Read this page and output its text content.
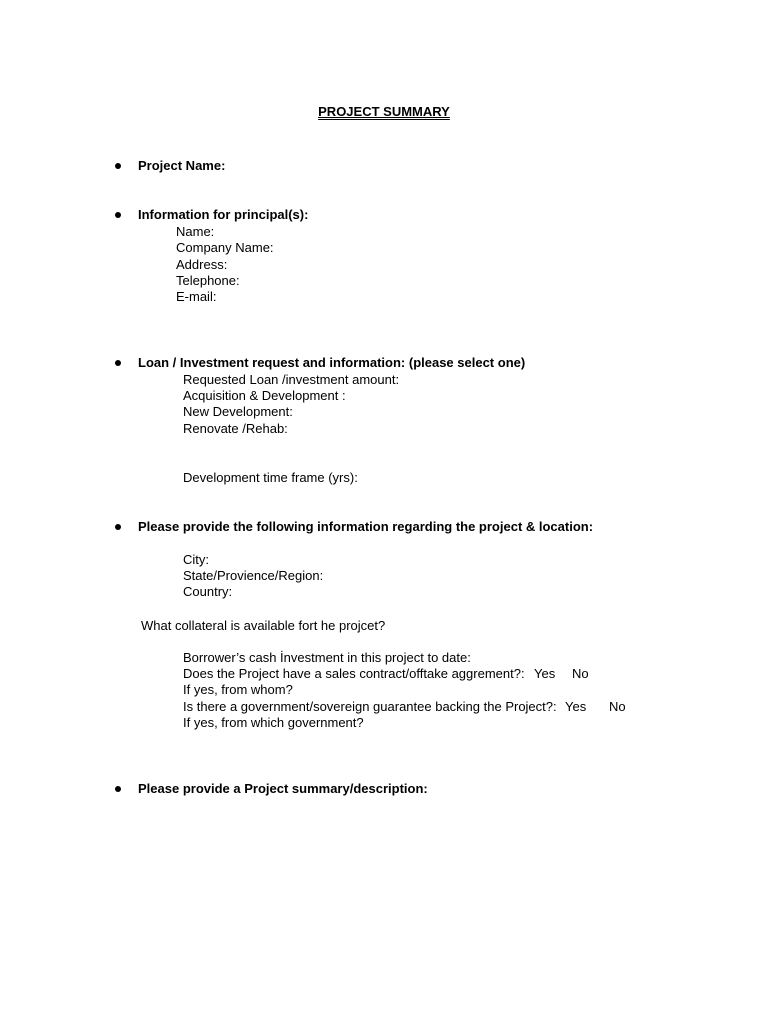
PROJECT SUMMARY
Project Name:
Information for principal(s):
Name:
Company Name:
Address:
Telephone:
E-mail:
Loan / Investment request and information: (please select one)
Requested Loan /investment amount:
Acquisition & Development :
New Development:
Renovate /Rehab:
Development time frame (yrs):
Please provide the following information regarding the project & location:
City:
State/Provience/Region:
Country:
What collateral is available fort he projcet?
Borrower’s cash İnvestment in this project to date:
Does the Project have a sales contract/offtake aggrement?: Yes No
If yes, from whom?
Is there a government/sovereign guarantee backing the Project?: Yes No
If yes, from which government?
Please provide a Project summary/description:
